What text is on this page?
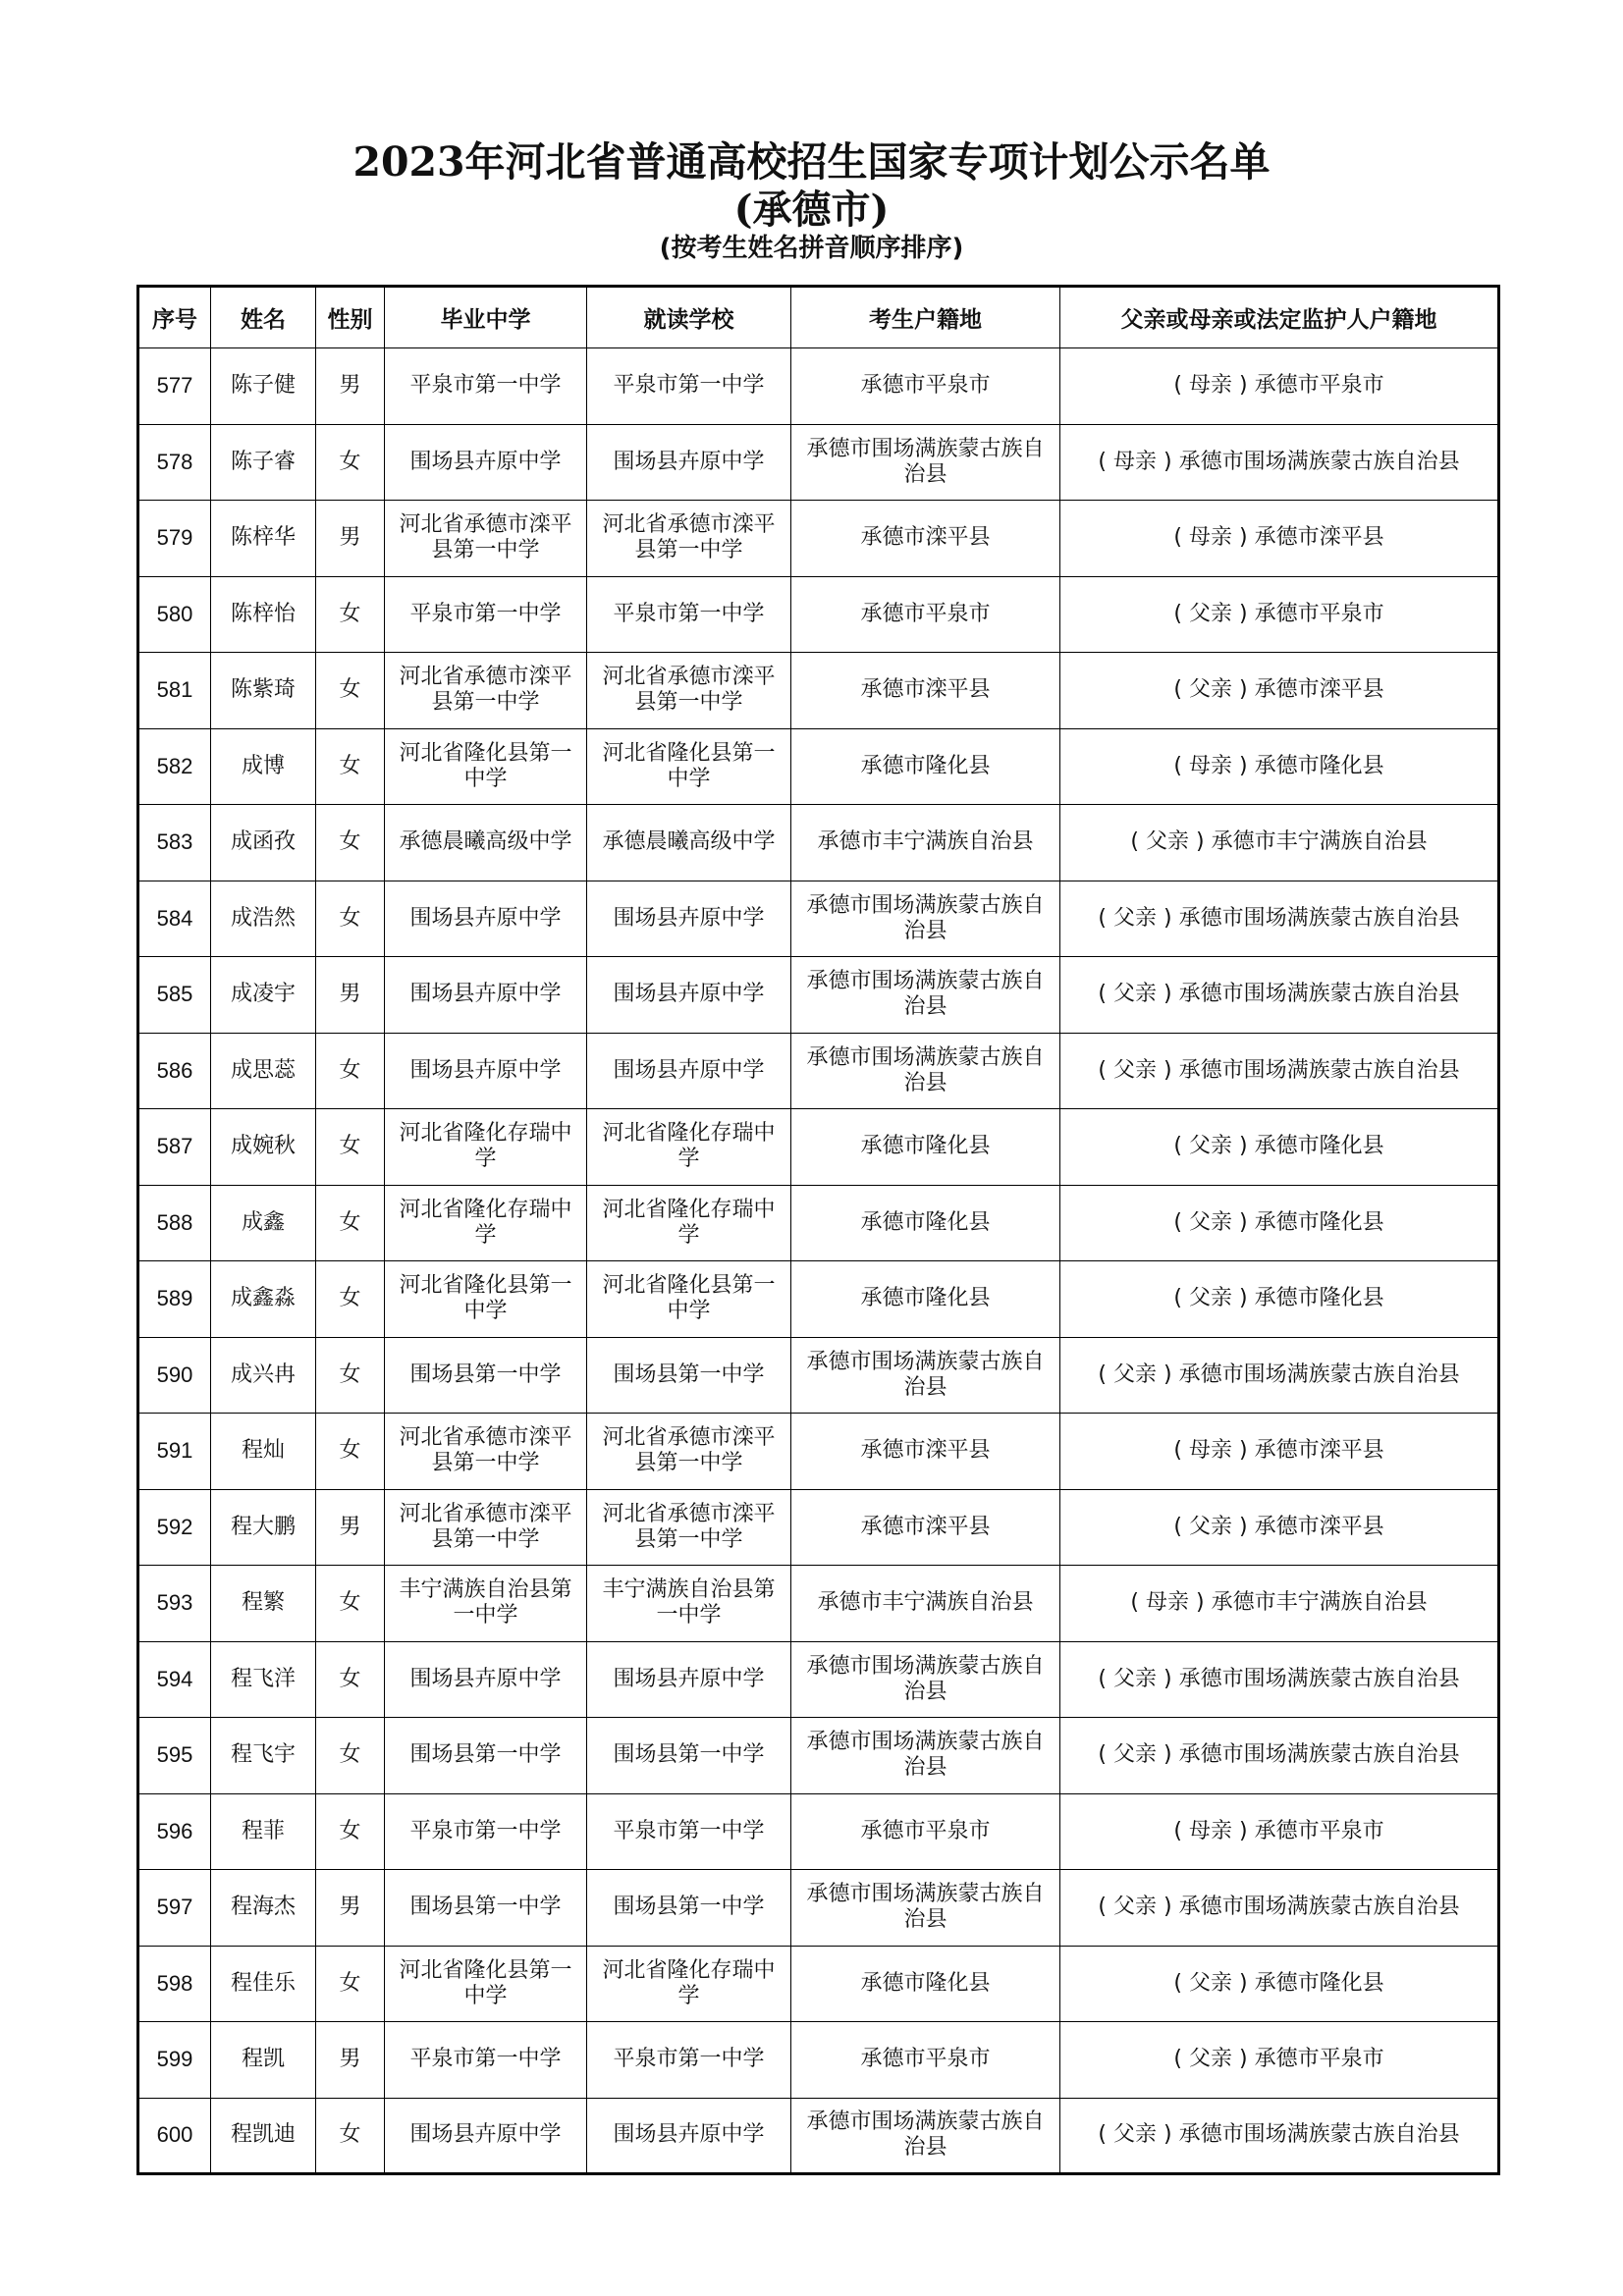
2023年河北省普通高校招生国家专项计划公示名单
(承德市)
(按考生姓名拼音顺序排序)
序号	姓名	性别	毕业中学	就读学校	考生户籍地	父亲或母亲或法定监护人户籍地
577	陈子健	男	平泉市第一中学	平泉市第一中学	承德市平泉市	( 母亲 ) 承德市平泉市
578	陈子睿	女	围场县卉原中学	围场县卉原中学	承德市围场满族蒙古族自治县	( 母亲 ) 承德市围场满族蒙古族自治县
579	陈梓华	男	河北省承德市滦平县第一中学	河北省承德市滦平县第一中学	承德市滦平县	( 母亲 ) 承德市滦平县
580	陈梓怡	女	平泉市第一中学	平泉市第一中学	承德市平泉市	( 父亲 ) 承德市平泉市
581	陈紫琦	女	河北省承德市滦平县第一中学	河北省承德市滦平县第一中学	承德市滦平县	( 父亲 ) 承德市滦平县
582	成博	女	河北省隆化县第一中学	河北省隆化县第一中学	承德市隆化县	( 母亲 ) 承德市隆化县
583	成函孜	女	承德晨曦高级中学	承德晨曦高级中学	承德市丰宁满族自治县	( 父亲 ) 承德市丰宁满族自治县
584	成浩然	女	围场县卉原中学	围场县卉原中学	承德市围场满族蒙古族自治县	( 父亲 ) 承德市围场满族蒙古族自治县
585	成凌宇	男	围场县卉原中学	围场县卉原中学	承德市围场满族蒙古族自治县	( 父亲 ) 承德市围场满族蒙古族自治县
586	成思蕊	女	围场县卉原中学	围场县卉原中学	承德市围场满族蒙古族自治县	( 父亲 ) 承德市围场满族蒙古族自治县
587	成婉秋	女	河北省隆化存瑞中学	河北省隆化存瑞中学	承德市隆化县	( 父亲 ) 承德市隆化县
588	成鑫	女	河北省隆化存瑞中学	河北省隆化存瑞中学	承德市隆化县	( 父亲 ) 承德市隆化县
589	成鑫淼	女	河北省隆化县第一中学	河北省隆化县第一中学	承德市隆化县	( 父亲 ) 承德市隆化县
590	成兴冉	女	围场县第一中学	围场县第一中学	承德市围场满族蒙古族自治县	( 父亲 ) 承德市围场满族蒙古族自治县
591	程灿	女	河北省承德市滦平县第一中学	河北省承德市滦平县第一中学	承德市滦平县	( 母亲 ) 承德市滦平县
592	程大鹏	男	河北省承德市滦平县第一中学	河北省承德市滦平县第一中学	承德市滦平县	( 父亲 ) 承德市滦平县
593	程繁	女	丰宁满族自治县第一中学	丰宁满族自治县第一中学	承德市丰宁满族自治县	( 母亲 ) 承德市丰宁满族自治县
594	程飞洋	女	围场县卉原中学	围场县卉原中学	承德市围场满族蒙古族自治县	( 父亲 ) 承德市围场满族蒙古族自治县
595	程飞宇	女	围场县第一中学	围场县第一中学	承德市围场满族蒙古族自治县	( 父亲 ) 承德市围场满族蒙古族自治县
596	程菲	女	平泉市第一中学	平泉市第一中学	承德市平泉市	( 母亲 ) 承德市平泉市
597	程海杰	男	围场县第一中学	围场县第一中学	承德市围场满族蒙古族自治县	( 父亲 ) 承德市围场满族蒙古族自治县
598	程佳乐	女	河北省隆化县第一中学	河北省隆化存瑞中学	承德市隆化县	( 父亲 ) 承德市隆化县
599	程凯	男	平泉市第一中学	平泉市第一中学	承德市平泉市	( 父亲 ) 承德市平泉市
600	程凯迪	女	围场县卉原中学	围场县卉原中学	承德市围场满族蒙古族自治县	( 父亲 ) 承德市围场满族蒙古族自治县
